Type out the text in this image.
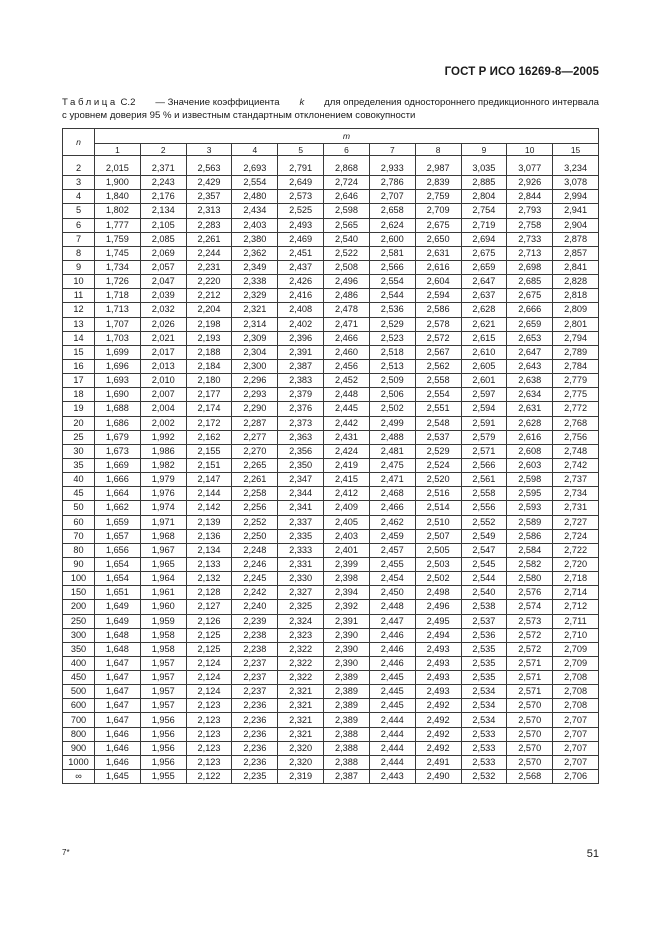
ГОСТ Р ИСО 16269-8—2005
Таблица C.2 — Значение коэффициента k для определения одностороннего предикционного интервала
с уровнем доверия 95 % и известным стандартным отклонением совокупности
n	m										
	1	2	3	4	5	6	7	8	9	10	15

2	2,015	2,371	2,563	2,693	2,791	2,868	2,933	2,987	3,035	3,077	3,234
3	1,900	2,243	2,429	2,554	2,649	2,724	2,786	2,839	2,885	2,926	3,078
4	1,840	2,176	2,357	2,480	2,573	2,646	2,707	2,759	2,804	2,844	2,994
5	1,802	2,134	2,313	2,434	2,525	2,598	2,658	2,709	2,754	2,793	2,941
6	1,777	2,105	2,283	2,403	2,493	2,565	2,624	2,675	2,719	2,758	2,904
7	1,759	2,085	2,261	2,380	2,469	2,540	2,600	2,650	2,694	2,733	2,878
8	1,745	2,069	2,244	2,362	2,451	2,522	2,581	2,631	2,675	2,713	2,857
9	1,734	2,057	2,231	2,349	2,437	2,508	2,566	2,616	2,659	2,698	2,841
10	1,726	2,047	2,220	2,338	2,426	2,496	2,554	2,604	2,647	2,685	2,828
11	1,718	2,039	2,212	2,329	2,416	2,486	2,544	2,594	2,637	2,675	2,818
12	1,713	2,032	2,204	2,321	2,408	2,478	2,536	2,586	2,628	2,666	2,809
13	1,707	2,026	2,198	2,314	2,402	2,471	2,529	2,578	2,621	2,659	2,801
14	1,703	2,021	2,193	2,309	2,396	2,466	2,523	2,572	2,615	2,653	2,794
15	1,699	2,017	2,188	2,304	2,391	2,460	2,518	2,567	2,610	2,647	2,789
16	1,696	2,013	2,184	2,300	2,387	2,456	2,513	2,562	2,605	2,643	2,784
17	1,693	2,010	2,180	2,296	2,383	2,452	2,509	2,558	2,601	2,638	2,779
18	1,690	2,007	2,177	2,293	2,379	2,448	2,506	2,554	2,597	2,634	2,775
19	1,688	2,004	2,174	2,290	2,376	2,445	2,502	2,551	2,594	2,631	2,772
20	1,686	2,002	2,172	2,287	2,373	2,442	2,499	2,548	2,591	2,628	2,768
25	1,679	1,992	2,162	2,277	2,363	2,431	2,488	2,537	2,579	2,616	2,756
30	1,673	1,986	2,155	2,270	2,356	2,424	2,481	2,529	2,571	2,608	2,748
35	1,669	1,982	2,151	2,265	2,350	2,419	2,475	2,524	2,566	2,603	2,742
40	1,666	1,979	2,147	2,261	2,347	2,415	2,471	2,520	2,561	2,598	2,737
45	1,664	1,976	2,144	2,258	2,344	2,412	2,468	2,516	2,558	2,595	2,734
50	1,662	1,974	2,142	2,256	2,341	2,409	2,466	2,514	2,556	2,593	2,731
60	1,659	1,971	2,139	2,252	2,337	2,405	2,462	2,510	2,552	2,589	2,727
70	1,657	1,968	2,136	2,250	2,335	2,403	2,459	2,507	2,549	2,586	2,724
80	1,656	1,967	2,134	2,248	2,333	2,401	2,457	2,505	2,547	2,584	2,722
90	1,654	1,965	2,133	2,246	2,331	2,399	2,455	2,503	2,545	2,582	2,720
100	1,654	1,964	2,132	2,245	2,330	2,398	2,454	2,502	2,544	2,580	2,718
150	1,651	1,961	2,128	2,242	2,327	2,394	2,450	2,498	2,540	2,576	2,714
200	1,649	1,960	2,127	2,240	2,325	2,392	2,448	2,496	2,538	2,574	2,712
250	1,649	1,959	2,126	2,239	2,324	2,391	2,447	2,495	2,537	2,573	2,711
300	1,648	1,958	2,125	2,238	2,323	2,390	2,446	2,494	2,536	2,572	2,710
350	1,648	1,958	2,125	2,238	2,322	2,390	2,446	2,493	2,535	2,572	2,709
400	1,647	1,957	2,124	2,237	2,322	2,390	2,446	2,493	2,535	2,571	2,709
450	1,647	1,957	2,124	2,237	2,322	2,389	2,445	2,493	2,535	2,571	2,708
500	1,647	1,957	2,124	2,237	2,321	2,389	2,445	2,493	2,534	2,571	2,708
600	1,647	1,957	2,123	2,236	2,321	2,389	2,445	2,492	2,534	2,570	2,708
700	1,647	1,956	2,123	2,236	2,321	2,389	2,444	2,492	2,534	2,570	2,707
800	1,646	1,956	2,123	2,236	2,321	2,388	2,444	2,492	2,533	2,570	2,707
900	1,646	1,956	2,123	2,236	2,320	2,388	2,444	2,492	2,533	2,570	2,707
1000	1,646	1,956	2,123	2,236	2,320	2,388	2,444	2,491	2,533	2,570	2,707
∞	1,645	1,955	2,122	2,235	2,319	2,387	2,443	2,490	2,532	2,568	2,706
7*	51
